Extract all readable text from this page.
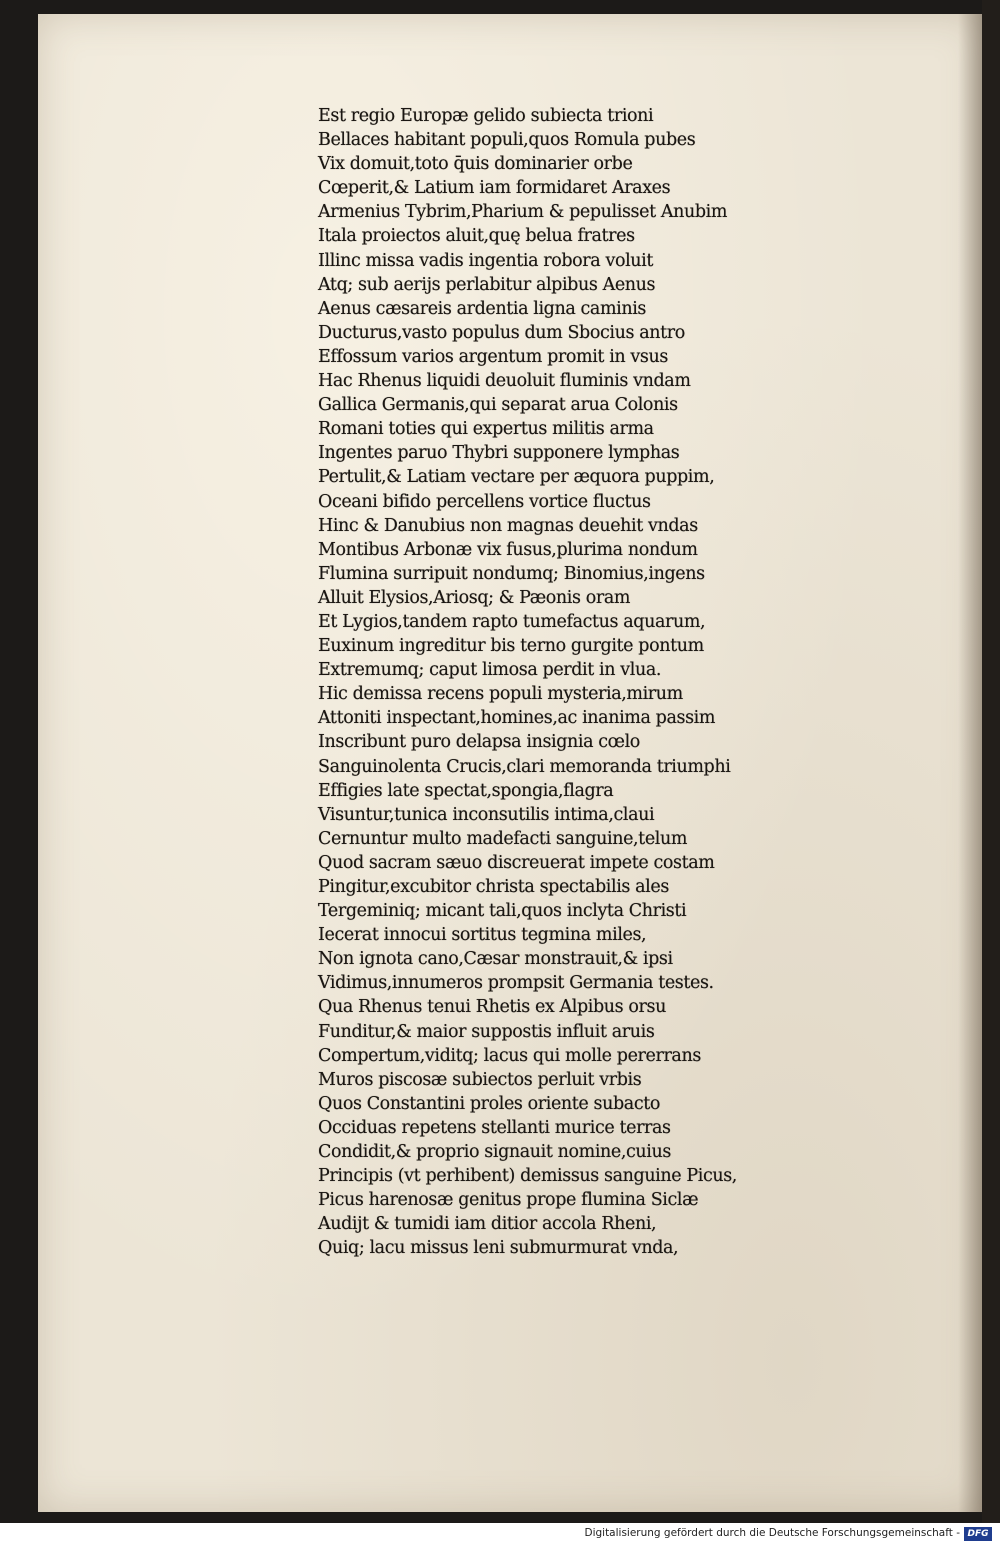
Est regio Europæ gelido subiecta trioni
Bellaces habitant populi,quos Romula pubes
Vix domuit,toto q̄uis dominarier orbe
Cœperit,& Latium iam formidaret Araxes
Armenius Tybrim,Pharium & pepulisset Anubim
Itala proiectos aluit,quę belua fratres
Illinc missa vadis ingentia robora voluit
Atq; sub aerijs perlabitur alpibus Aenus
Aenus cæsareis ardentia ligna caminis
Ducturus,vasto populus dum Sbocius antro
Effossum varios argentum promit in vsus
Hac Rhenus liquidi deuoluit fluminis vndam
Gallica Germanis,qui separat arua Colonis
Romani toties qui expertus militis arma
Ingentes paruo Thybri supponere lymphas
Pertulit,& Latiam vectare per æquora puppim,
Oceani bifido percellens vortice fluctus
Hinc & Danubius non magnas deuehit vndas
Montibus Arbonæ vix fusus,plurima nondum
Flumina surripuit nondumq; Binomius,ingens
Alluit Elysios,Ariosq; & Pæonis oram
Et Lygios,tandem rapto tumefactus aquarum,
Euxinum ingreditur bis terno gurgite pontum
Extremumq; caput limosa perdit in vlua.
Hic demissa recens populi mysteria,mirum
Attoniti inspectant,homines,ac inanima passim
Inscribunt puro delapsa insignia cœlo
Sanguinolenta Crucis,clari memoranda triumphi
Effigies late spectat,spongia,flagra
Visuntur,tunica inconsutilis intima,claui
Cernuntur multo madefacti sanguine,telum
Quod sacram sæuo discreuerat impete costam
Pingitur,excubitor christa spectabilis ales
Tergeminiq; micant tali,quos inclyta Christi
Iecerat innocui sortitus tegmina miles,
Non ignota cano,Cæsar monstrauit,& ipsi
Vidimus,innumeros prompsit Germania testes.
Qua Rhenus tenui Rhetis ex Alpibus orsu
Funditur,& maior suppostis influit aruis
Compertum,viditq; lacus qui molle pererrans
Muros piscosæ subiectos perluit vrbis
Quos Constantini proles oriente subacto
Occiduas repetens stellanti murice terras
Condidit,& proprio signauit nomine,cuius
Principis (vt perhibent) demissus sanguine Picus,
Picus harenosæ genitus prope flumina Siclæ
Audijt & tumidi iam ditior accola Rheni,
Quiq; lacu missus leni submurmurat vnda,
Digitalisierung gefördert durch die Deutsche Forschungsgemeinschaft - DFG
